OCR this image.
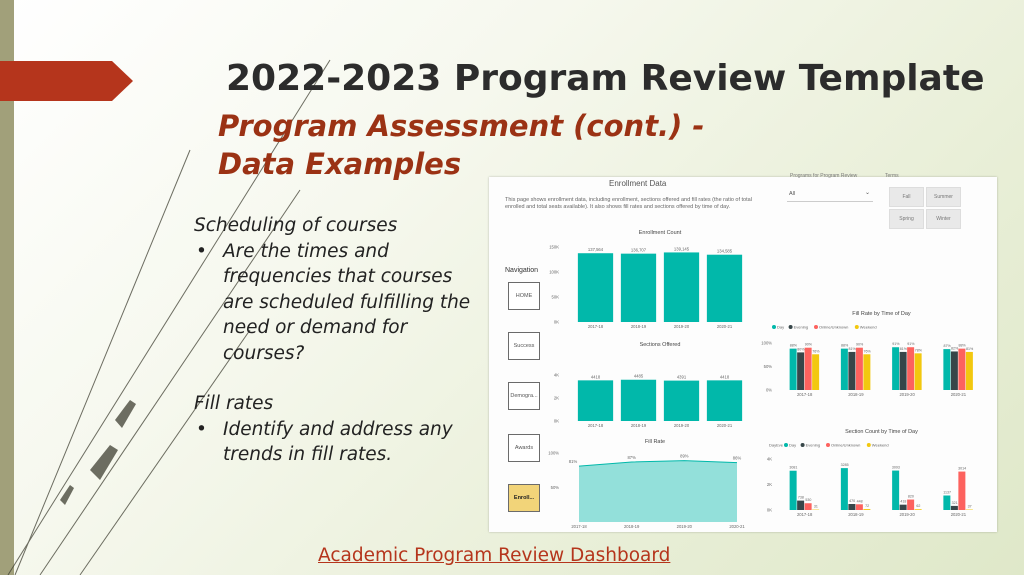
2022-2023 Program Review Template
Program Assessment (cont.) -
Data Examples
Scheduling of courses
• Are the times and frequencies that courses are scheduled fulfilling the need or demand for courses?
Fill rates
• Identify and address any trends in fill rates.
Enrollment Data
This page shows enrollment data, including enrollment, sections offered and fill rates (the ratio of total enrolled and total seats available). It also shows fill rates and sections offered by time of day.
Programs for Program Review
All	⌄
Terms
Fall	Summer
Spring	Winter
Navigation
HOME
Success
Demogra...
Awards
Enroll...
Enrollment Count
150K
100K
50K
0K
137,564
2017-18
136,707
2018-19
139,145
2019-20
134,585
2020-21
Sections Offered
4K
2K
0K
4418
2017-18
4485
2018-19
4391
2019-20
4418
2020-21
Fill Rate
100%
50%
81%
2017-18
87%
2018-19
89%
2019-20
86%
2020-21
Fill Rate by Time of Day
Day Evening	Online/Unknown	Weekend
100%
50%
0%
88%
80%
90%
76%
2017-18
88%
81%
90%
76%
2018-19
91%
81%
91%
78%
2019-20
87%
82%
88%
81%
2020-21
Section Count by Time of Day
DayEve Day Evening	Online/Unknown	Weekend
4K
2K
0K
3081
738
530
31
2017-18
3285
470 448
72
2018-19
3093
418
820
62
2019-20
1137
321
3014
37
2020-21
Academic Program Review Dashboard
